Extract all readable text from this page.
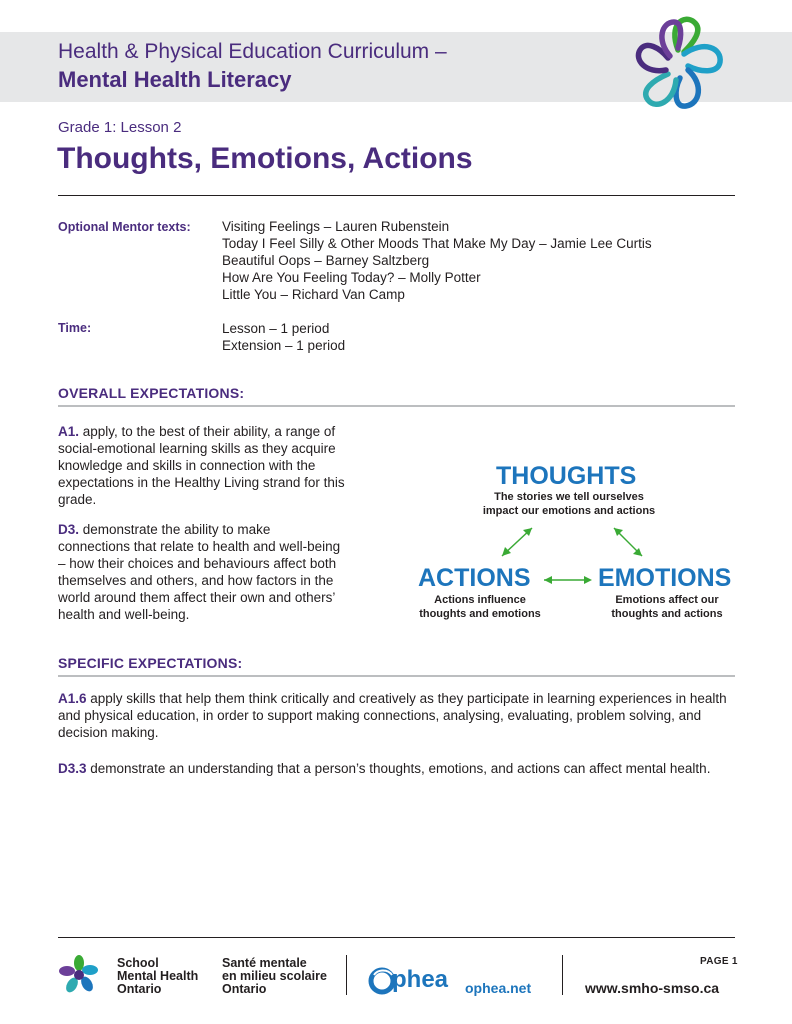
Health & Physical Education Curriculum –
Mental Health Literacy
Grade 1: Lesson 2
Thoughts, Emotions, Actions
Optional Mentor texts: Visiting Feelings – Lauren Rubenstein
Today I Feel Silly & Other Moods That Make My Day – Jamie Lee Curtis
Beautiful Oops – Barney Saltzberg
How Are You Feeling Today? – Molly Potter
Little You – Richard Van Camp
Time:	Lesson – 1 period
Extension – 1 period
OVERALL EXPECTATIONS:
A1. apply, to the best of their ability, a range of social-emotional learning skills as they acquire knowledge and skills in connection with the expectations in the Healthy Living strand for this grade.
D3. demonstrate the ability to make connections that relate to health and well-being – how their choices and behaviours affect both themselves and others, and how factors in the world around them affect their own and others’ health and well-being.
THOUGHTS
The stories we tell ourselves
impact our emotions and actions
ACTIONS
Actions influence
thoughts and emotions
EMOTIONS
Emotions affect our
thoughts and actions
SPECIFIC EXPECTATIONS:
A1.6 apply skills that help them think critically and creatively as they participate in learning experiences in health and physical education, in order to support making connections, analysing, evaluating, problem solving, and decision making.
D3.3 demonstrate an understanding that a person’s thoughts, emotions, and actions can affect mental health.
School
Mental Health
Ontario
Santé mentale
en milieu scolaire
Ontario	phea ophea.net
PAGE 1
www.smho-smso.ca
